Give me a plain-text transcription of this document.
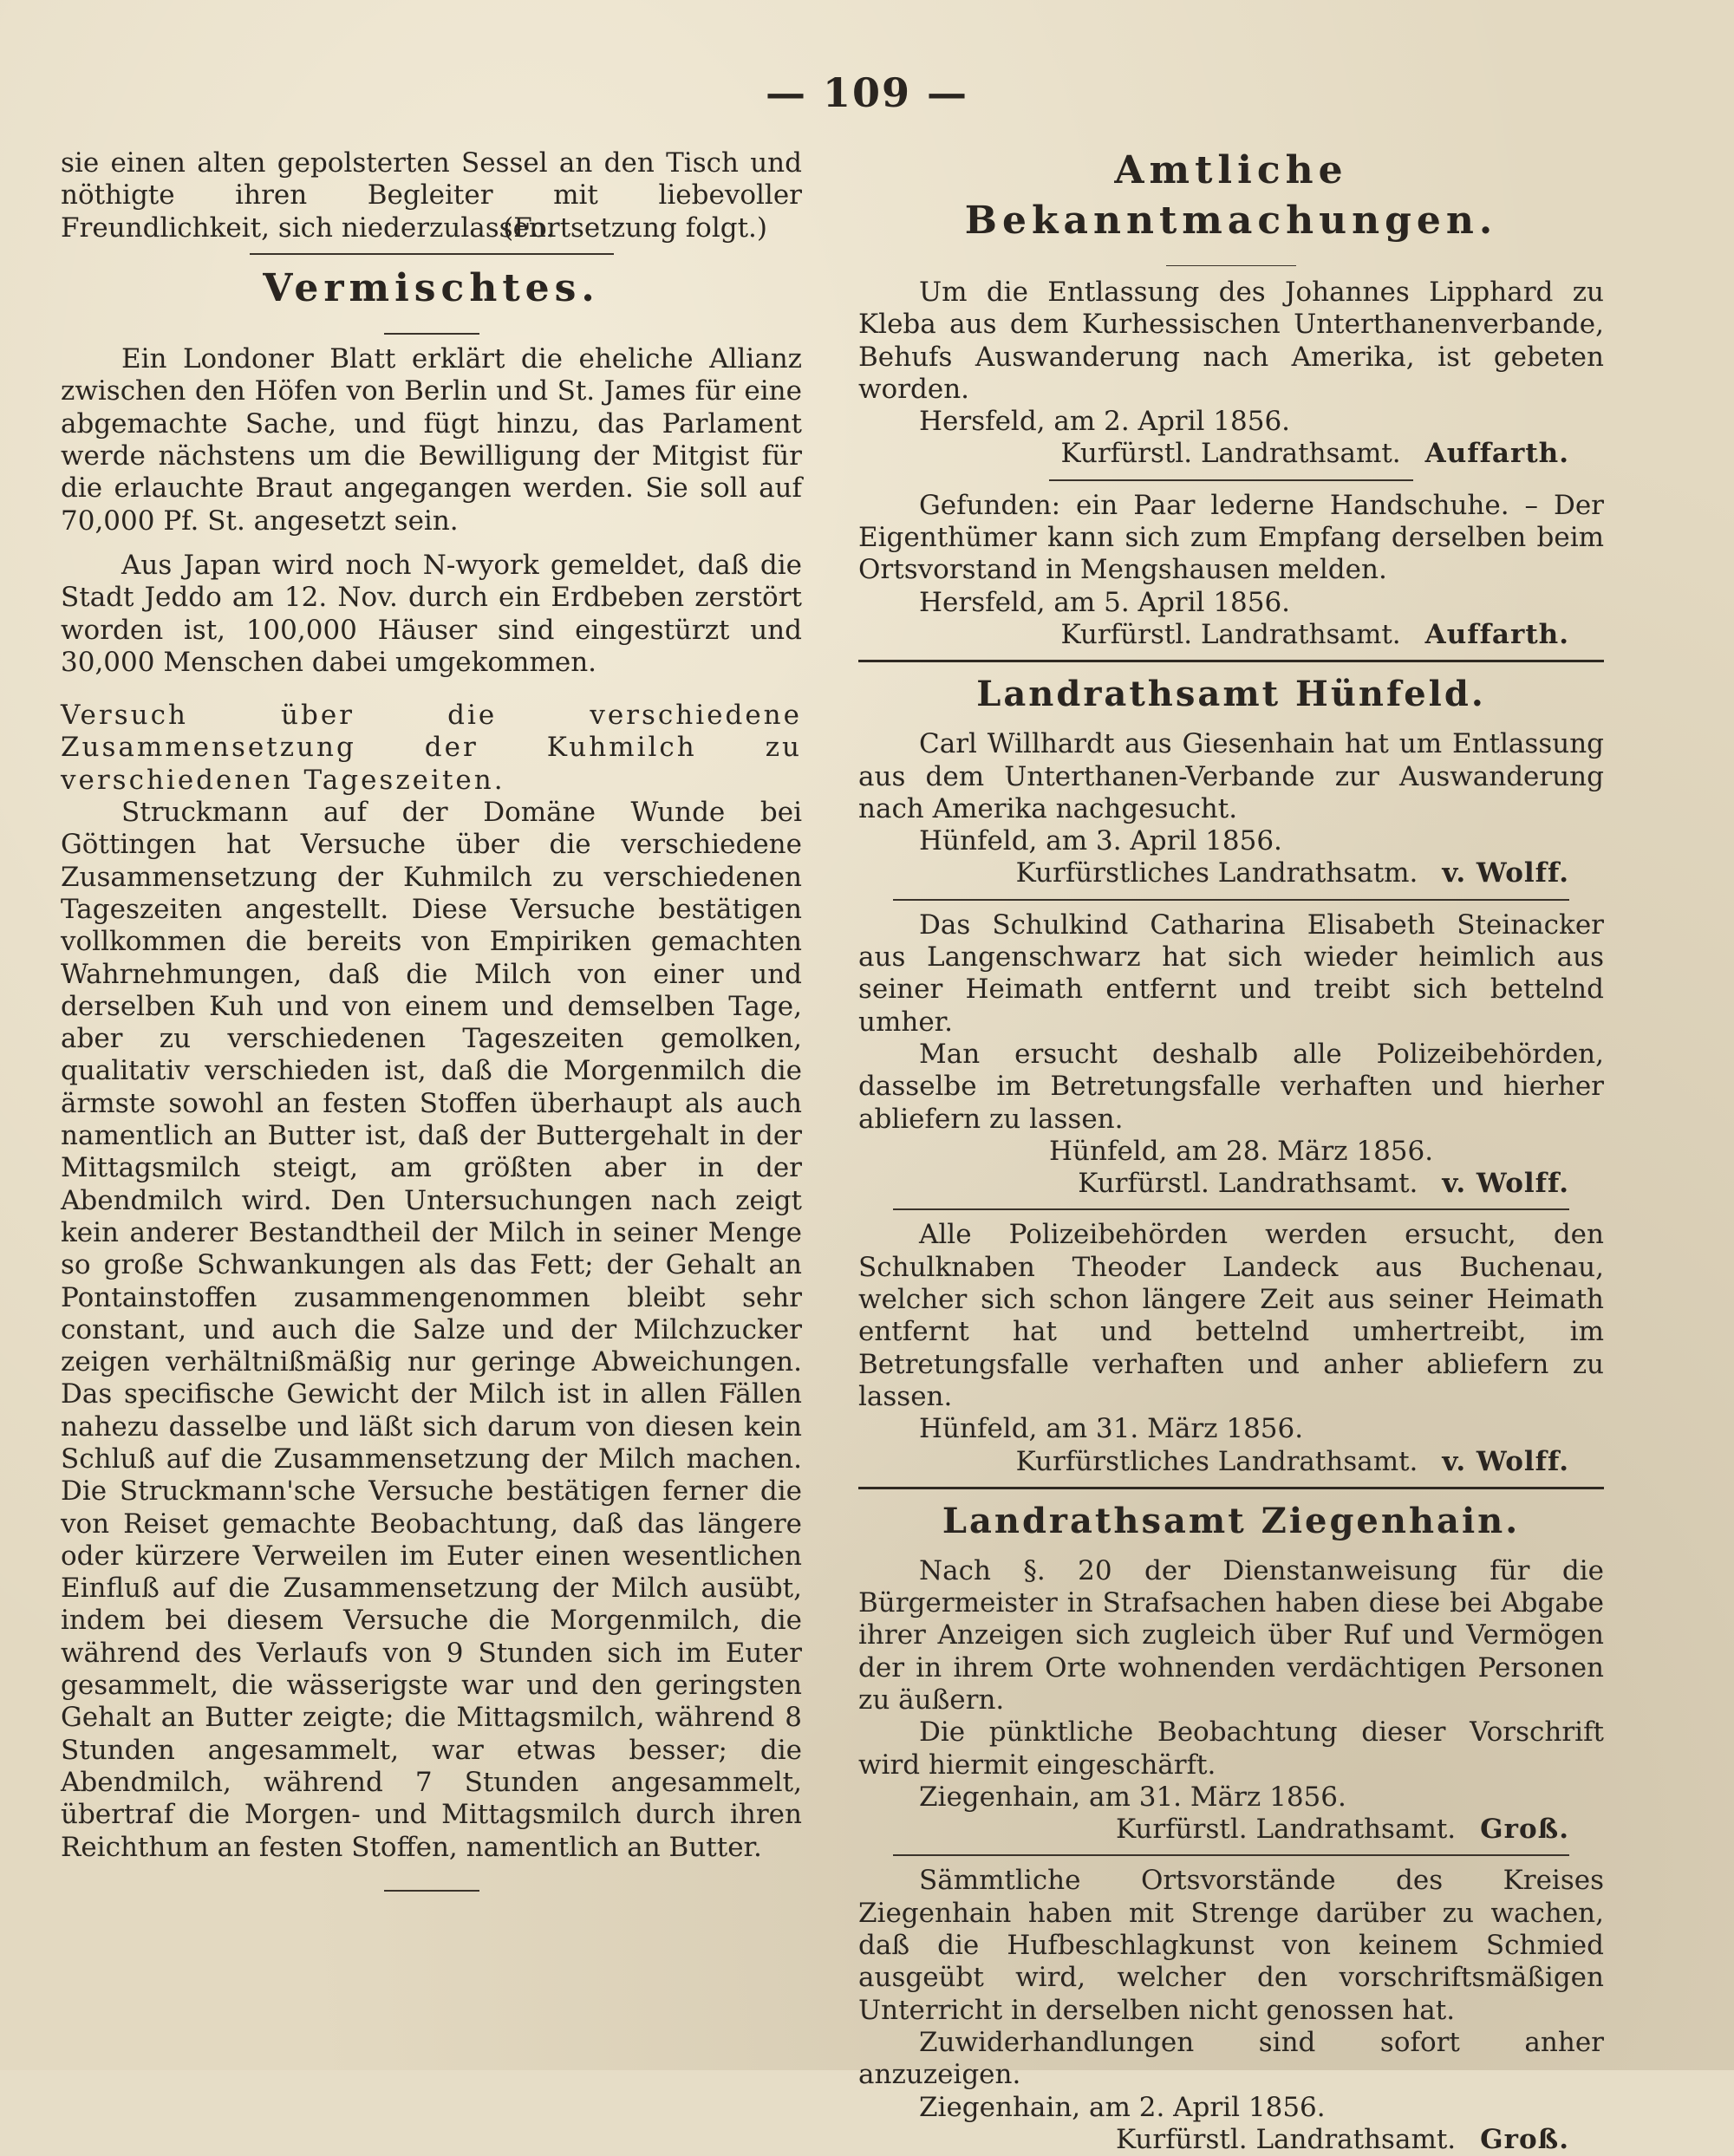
— 109 —

sie einen alten gepolsterten Sessel an den Tisch und nöthigte ihren Begleiter mit liebevoller Freundlichkeit, sich niederzulassen.

(Fortsetzung folgt.)

Vermischtes.

Ein Londoner Blatt erklärt die eheliche Allianz zwischen den Höfen von Berlin und St. James für eine abgemachte Sache, und fügt hinzu, das Parlament werde nächstens um die Bewilligung der Mitgist für die erlauchte Braut angegangen werden. Sie soll auf 70,000 Pf. St. angesetzt sein.

Aus Japan wird noch N-wyork gemeldet, daß die Stadt Jeddo am 12. Nov. durch ein Erdbeben zerstört worden ist, 100,000 Häuser sind eingestürzt und 30,000 Menschen dabei umgekommen.

Versuch über die verschiedene Zusammensetzung der Kuhmilch zu verschiedenen Tageszeiten.

Struckmann auf der Domäne Wunde bei Göttingen hat Versuche über die verschiedene Zusammensetzung der Kuhmilch zu verschiedenen Tageszeiten angestellt. Diese Versuche bestätigen vollkommen die bereits von Empiriken gemachten Wahrnehmungen, daß die Milch von einer und derselben Kuh und von einem und demselben Tage, aber zu verschiedenen Tageszeiten gemolken, qualitativ verschieden ist, daß die Morgenmilch die ärmste sowohl an festen Stoffen überhaupt als auch namentlich an Butter ist, daß der Buttergehalt in der Mittagsmilch steigt, am größten aber in der Abendmilch wird. Den Untersuchungen nach zeigt kein anderer Bestandtheil der Milch in seiner Menge so große Schwankungen als das Fett; der Gehalt an Pontainstoffen zusammengenommen bleibt sehr constant, und auch die Salze und der Milchzucker zeigen verhältnißmäßig nur geringe Abweichungen. Das specifische Gewicht der Milch ist in allen Fällen nahezu dasselbe und läßt sich darum von diesen kein Schluß auf die Zusammensetzung der Milch machen. Die Struckmann'sche Versuche bestätigen ferner die von Reiset gemachte Beobachtung, daß das längere oder kürzere Verweilen im Euter einen wesentlichen Einfluß auf die Zusammensetzung der Milch ausübt, indem bei diesem Versuche die Morgenmilch, die während des Verlaufs von 9 Stunden sich im Euter gesammelt, die wässerigste war und den geringsten Gehalt an Butter zeigte; die Mittagsmilch, während 8 Stunden angesammelt, war etwas besser; die Abendmilch, während 7 Stunden angesammelt, übertraf die Morgen- und Mittagsmilch durch ihren Reichthum an festen Stoffen, namentlich an Butter.

Amtliche Bekanntmachungen.

Um die Entlassung des Johannes Lipphard zu Kleba aus dem Kurhessischen Unterthanenverbande, Behufs Auswanderung nach Amerika, ist gebeten worden.

Hersfeld, am 2. April 1856.

Kurfürstl. Landrathsamt. Auffarth.

Gefunden: ein Paar lederne Handschuhe. – Der Eigenthümer kann sich zum Empfang derselben beim Ortsvorstand in Mengshausen melden.

Hersfeld, am 5. April 1856.

Kurfürstl. Landrathsamt. Auffarth.

Landrathsamt Hünfeld.

Carl Willhardt aus Giesenhain hat um Entlassung aus dem Unterthanen-Verbande zur Auswanderung nach Amerika nachgesucht.

Hünfeld, am 3. April 1856.

Kurfürstliches Landrathsatm. v. Wolff.

Das Schulkind Catharina Elisabeth Steinacker aus Langenschwarz hat sich wieder heimlich aus seiner Heimath entfernt und treibt sich bettelnd umher.

Man ersucht deshalb alle Polizeibehörden, dasselbe im Betretungsfalle verhaften und hierher abliefern zu lassen.

Hünfeld, am 28. März 1856.

Kurfürstl. Landrathsamt. v. Wolff.

Alle Polizeibehörden werden ersucht, den Schulknaben Theoder Landeck aus Buchenau, welcher sich schon längere Zeit aus seiner Heimath entfernt hat und bettelnd umhertreibt, im Betretungsfalle verhaften und anher abliefern zu lassen.

Hünfeld, am 31. März 1856.

Kurfürstliches Landrathsamt. v. Wolff.

Landrathsamt Ziegenhain.

Nach §. 20 der Dienstanweisung für die Bürgermeister in Strafsachen haben diese bei Abgabe ihrer Anzeigen sich zugleich über Ruf und Vermögen der in ihrem Orte wohnenden verdächtigen Personen zu äußern.

Die pünktliche Beobachtung dieser Vorschrift wird hiermit eingeschärft.

Ziegenhain, am 31. März 1856.

Kurfürstl. Landrathsamt. Groß.

Sämmtliche Ortsvorstände des Kreises Ziegenhain haben mit Strenge darüber zu wachen, daß die Hufbeschlagkunst von keinem Schmied ausgeübt wird, welcher den vorschriftsmäßigen Unterricht in derselben nicht genossen hat.

Zuwiderhandlungen sind sofort anher anzuzeigen.

Ziegenhain, am 2. April 1856.

Kurfürstl. Landrathsamt. Groß.
